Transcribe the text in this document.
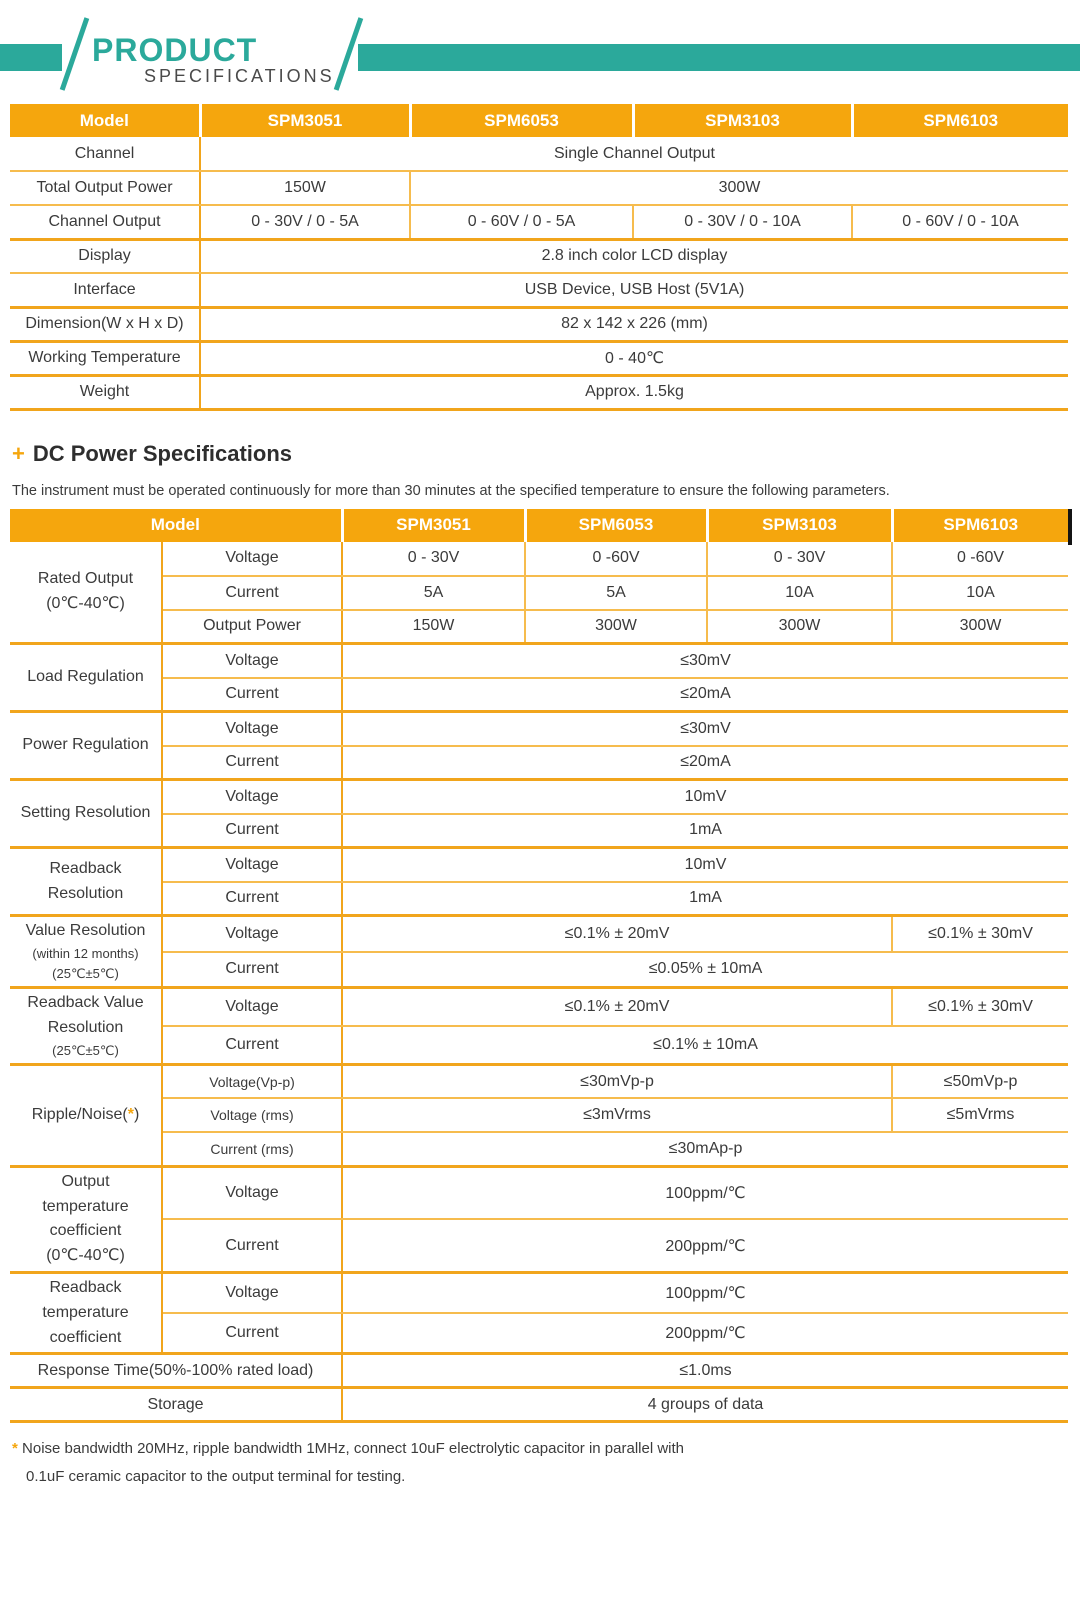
PRODUCT
SPECIFICATIONS
Model	SPM3051	SPM6053	SPM3103	SPM6103
Channel	Single Channel Output			
Total Output Power	150W	300W		
Channel Output	0 - 30V / 0 - 5A	0 - 60V / 0 - 5A	0 - 30V / 0 - 10A	0 - 60V / 0 - 10A
Display	2.8 inch color LCD display			
Interface	USB Device, USB Host (5V1A)			
Dimension(W x H x D)	82 x 142 x 226 (mm)			
Working Temperature	0 - 40℃			
Weight	Approx. 1.5kg			
+ DC Power Specifications
The instrument must be operated continuously for more than 30 minutes at the specified temperature to ensure the following parameters.
Model		SPM3051	SPM6053	SPM3103	SPM6103

Rated Output
(0℃-40℃)	Voltage	0 - 30V	0 -60V	0 - 30V	0 -60V
	Current	5A	5A	10A	10A
	Output Power	150W	300W	300W	300W
Load Regulation	Voltage	≤30mV			
	Current	≤20mA			
Power Regulation	Voltage	≤30mV			
	Current	≤20mA			
Setting Resolution	Voltage	10mV			
	Current	1mA			

Readback
Resolution	Voltage	10mV			
	Current	1mA			

Value Resolution
(within 12 months)
(25℃±5℃)	Voltage	≤0.1% ± 20mV			≤0.1% ± 30mV
	Current	≤0.05% ± 10mA			

Readback Value
Resolution
(25℃±5℃)	Voltage	≤0.1% ± 20mV			≤0.1% ± 30mV
	Current	≤0.1% ± 10mA			
Ripple/Noise(*)	Voltage(Vp-p)	≤30mVp-p			≤50mVp-p
	Voltage (rms)	≤3mVrms			≤5mVrms
	Current (rms)	≤30mAp-p			

Output
temperature
coefficient
(0℃-40℃)	Voltage	100ppm/℃			
	Current	200ppm/℃			

Readback
temperature
coefficient	Voltage	100ppm/℃			
	Current	200ppm/℃			
Response Time(50%-100% rated load)		≤1.0ms			
Storage		4 groups of data			
* Noise bandwidth 20MHz, ripple bandwidth 1MHz, connect 10uF electrolytic capacitor in parallel with
0.1uF ceramic capacitor to the output terminal for testing.
